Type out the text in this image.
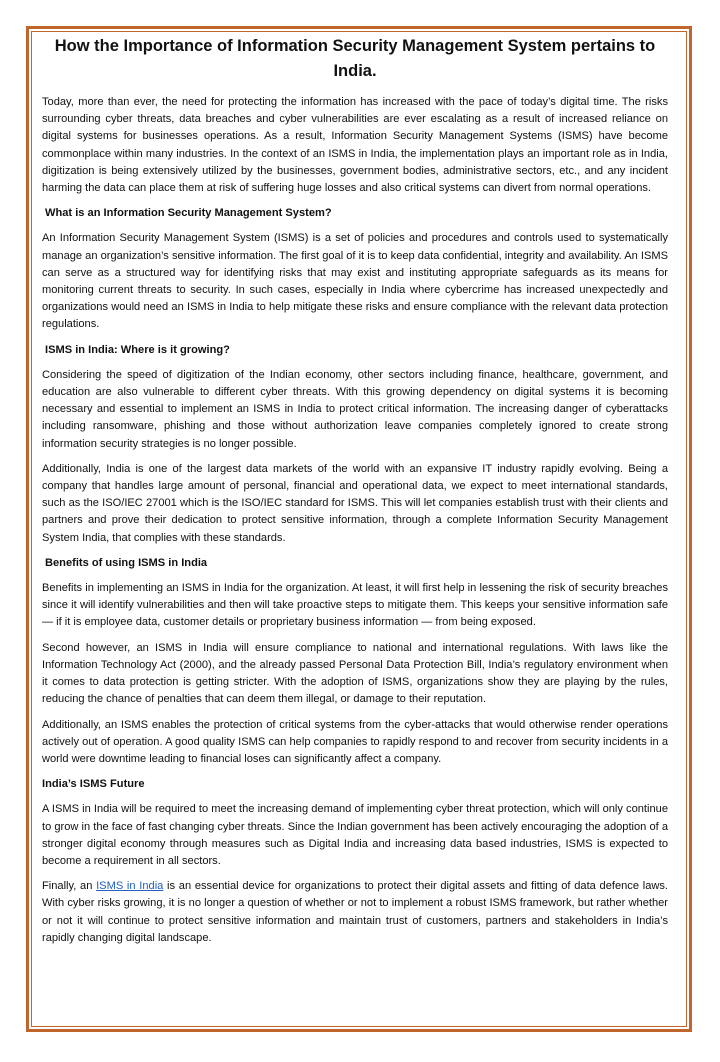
How the Importance of Information Security Management System pertains to India.

Today, more than ever, the need for protecting the information has increased with the pace of today’s digital time. The risks surrounding cyber threats, data breaches and cyber vulnerabilities are ever escalating as a result of increased reliance on digital systems for businesses operations. As a result, Information Security Management Systems (ISMS) have become commonplace within many industries. In the context of an ISMS in India, the implementation plays an important role as in India, digitization is being extensively utilized by the businesses, government bodies, administrative sectors, etc., and any incident harming the data can place them at risk of suffering huge losses and also critical systems can divert from normal operations.

What is an Information Security Management System?

An Information Security Management System (ISMS) is a set of policies and procedures and controls used to systematically manage an organization’s sensitive information. The first goal of it is to keep data confidential, integrity and availability. An ISMS can serve as a structured way for identifying risks that may exist and instituting appropriate safeguards as its means for monitoring current threats to security. In such cases, especially in India where cybercrime has increased unexpectedly and organizations would need an ISMS in India to help mitigate these risks and ensure compliance with the relevant data protection regulations.

ISMS in India: Where is it growing?

Considering the speed of digitization of the Indian economy, other sectors including finance, healthcare, government, and education are also vulnerable to different cyber threats. With this growing dependency on digital systems it is becoming necessary and essential to implement an ISMS in India to protect critical information. The increasing danger of cyberattacks including ransomware, phishing and those without authorization leave companies completely ignored to create strong information security strategies is no longer possible.

Additionally, India is one of the largest data markets of the world with an expansive IT industry rapidly evolving. Being a company that handles large amount of personal, financial and operational data, we expect to meet international standards, such as the ISO/IEC 27001 which is the ISO/IEC standard for ISMS. This will let companies establish trust with their clients and partners and prove their dedication to protect sensitive information, through a complete Information Security Management System India, that complies with these standards.

Benefits of using ISMS in India

Benefits in implementing an ISMS in India for the organization. At least, it will first help in lessening the risk of security breaches since it will identify vulnerabilities and then will take proactive steps to mitigate them. This keeps your sensitive information safe — if it is employee data, customer details or proprietary business information — from being exposed.

Second however, an ISMS in India will ensure compliance to national and international regulations. With laws like the Information Technology Act (2000), and the already passed Personal Data Protection Bill, India’s regulatory environment when it comes to data protection is getting stricter. With the adoption of ISMS, organizations show they are playing by the rules, reducing the chance of penalties that can deem them illegal, or damage to their reputation.

Additionally, an ISMS enables the protection of critical systems from the cyber-attacks that would otherwise render operations actively out of operation. A good quality ISMS can help companies to rapidly respond to and recover from security incidents in a world were downtime leading to financial loses can significantly affect a company.

India’s ISMS Future

A ISMS in India will be required to meet the increasing demand of implementing cyber threat protection, which will only continue to grow in the face of fast changing cyber threats. Since the Indian government has been actively encouraging the adoption of a stronger digital economy through measures such as Digital India and increasing data based industries, ISMS is expected to become a requirement in all sectors.

Finally, an ISMS in India is an essential device for organizations to protect their digital assets and fitting of data defence laws. With cyber risks growing, it is no longer a question of whether or not to implement a robust ISMS framework, but rather whether or not it will continue to protect sensitive information and maintain trust of customers, partners and stakeholders in India’s rapidly changing digital landscape.
